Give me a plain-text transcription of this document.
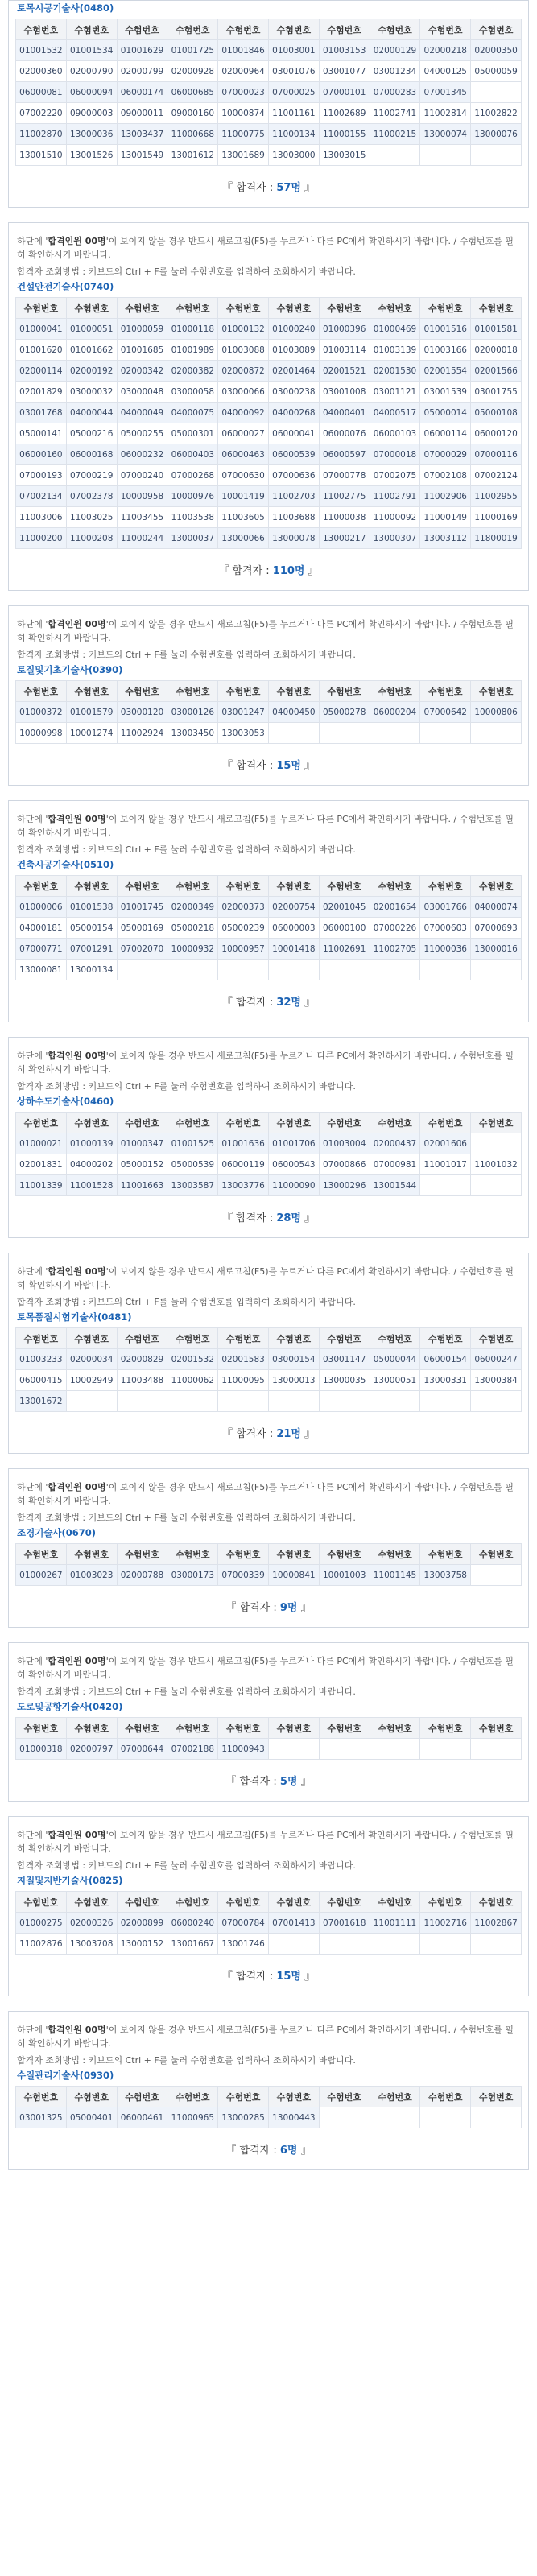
토목시공기술사(0480)
수험번호	수험번호	수험번호	수험번호	수험번호	수험번호	수험번호	수험번호	수험번호	수험번호
01001532	01001534	01001629	01001725	01001846	01003001	01003153	02000129	02000218	02000350
02000360	02000790	02000799	02000928	02000964	03001076	03001077	03001234	04000125	05000059
06000081	06000094	06000174	06000685	07000023	07000025	07000101	07000283	07001345	
07002220	09000003	09000011	09000160	10000874	11001161	11002689	11002741	11002814	11002822
11002870	13000036	13003437	11000668	11000775	11000134	11000155	11000215	13000074	13000076
13001510	13001526	13001549	13001612	13001689	13003000	13003015			
『 합격자 : 57명 』
하단에 '합격인원 00명'이 보이지 않을 경우 반드시 새로고침(F5)를 누르거나 다른 PC에서 확인하시기 바랍니다. / 수험번호를 필히 확인하시기 바랍니다.
합격자 조회방법 : 키보드의 Ctrl + F를 눌러 수험번호를 입력하여 조회하시기 바랍니다.
건설안전기술사(0740)
수험번호	수험번호	수험번호	수험번호	수험번호	수험번호	수험번호	수험번호	수험번호	수험번호
01000041	01000051	01000059	01000118	01000132	01000240	01000396	01000469	01001516	01001581
01001620	01001662	01001685	01001989	01003088	01003089	01003114	01003139	01003166	02000018
02000114	02000192	02000342	02000382	02000872	02001464	02001521	02001530	02001554	02001566
02001829	03000032	03000048	03000058	03000066	03000238	03001008	03001121	03001539	03001755
03001768	04000044	04000049	04000075	04000092	04000268	04000401	04000517	05000014	05000108
05000141	05000216	05000255	05000301	06000027	06000041	06000076	06000103	06000114	06000120
06000160	06000168	06000232	06000403	06000463	06000539	06000597	07000018	07000029	07000116
07000193	07000219	07000240	07000268	07000630	07000636	07000778	07002075	07002108	07002124
07002134	07002378	10000958	10000976	10001419	11002703	11002775	11002791	11002906	11002955
11003006	11003025	11003455	11003538	11003605	11003688	11000038	11000092	11000149	11000169
11000200	11000208	11000244	13000037	13000066	13000078	13000217	13000307	13003112	11800019
『 합격자 : 110명 』
하단에 '합격인원 00명'이 보이지 않을 경우 반드시 새로고침(F5)를 누르거나 다른 PC에서 확인하시기 바랍니다. / 수험번호를 필히 확인하시기 바랍니다.
합격자 조회방법 : 키보드의 Ctrl + F를 눌러 수험번호를 입력하여 조회하시기 바랍니다.
토질및기초기술사(0390)
수험번호	수험번호	수험번호	수험번호	수험번호	수험번호	수험번호	수험번호	수험번호	수험번호
01000372	01001579	03000120	03000126	03001247	04000450	05000278	06000204	07000642	10000806
10000998	10001274	11002924	13003450	13003053					
『 합격자 : 15명 』
하단에 '합격인원 00명'이 보이지 않을 경우 반드시 새로고침(F5)를 누르거나 다른 PC에서 확인하시기 바랍니다. / 수험번호를 필히 확인하시기 바랍니다.
합격자 조회방법 : 키보드의 Ctrl + F를 눌러 수험번호를 입력하여 조회하시기 바랍니다.
건축시공기술사(0510)
수험번호	수험번호	수험번호	수험번호	수험번호	수험번호	수험번호	수험번호	수험번호	수험번호
01000006	01001538	01001745	02000349	02000373	02000754	02001045	02001654	03001766	04000074
04000181	05000154	05000169	05000218	05000239	06000003	06000100	07000226	07000603	07000693
07000771	07001291	07002070	10000932	10000957	10001418	11002691	11002705	11000036	13000016
13000081	13000134								
『 합격자 : 32명 』
하단에 '합격인원 00명'이 보이지 않을 경우 반드시 새로고침(F5)를 누르거나 다른 PC에서 확인하시기 바랍니다. / 수험번호를 필히 확인하시기 바랍니다.
합격자 조회방법 : 키보드의 Ctrl + F를 눌러 수험번호를 입력하여 조회하시기 바랍니다.
상하수도기술사(0460)
수험번호	수험번호	수험번호	수험번호	수험번호	수험번호	수험번호	수험번호	수험번호	수험번호
01000021	01000139	01000347	01001525	01001636	01001706	01003004	02000437	02001606	
02001831	04000202	05000152	05000539	06000119	06000543	07000866	07000981	11001017	11001032
11001339	11001528	11001663	13003587	13003776	11000090	13000296	13001544		
『 합격자 : 28명 』
하단에 '합격인원 00명'이 보이지 않을 경우 반드시 새로고침(F5)를 누르거나 다른 PC에서 확인하시기 바랍니다. / 수험번호를 필히 확인하시기 바랍니다.
합격자 조회방법 : 키보드의 Ctrl + F를 눌러 수험번호를 입력하여 조회하시기 바랍니다.
토목품질시험기술사(0481)
수험번호	수험번호	수험번호	수험번호	수험번호	수험번호	수험번호	수험번호	수험번호	수험번호
01003233	02000034	02000829	02001532	02001583	03000154	03001147	05000044	06000154	06000247
06000415	10002949	11003488	11000062	11000095	13000013	13000035	13000051	13000331	13000384
13001672									
『 합격자 : 21명 』
하단에 '합격인원 00명'이 보이지 않을 경우 반드시 새로고침(F5)를 누르거나 다른 PC에서 확인하시기 바랍니다. / 수험번호를 필히 확인하시기 바랍니다.
합격자 조회방법 : 키보드의 Ctrl + F를 눌러 수험번호를 입력하여 조회하시기 바랍니다.
조경기술사(0670)
수험번호	수험번호	수험번호	수험번호	수험번호	수험번호	수험번호	수험번호	수험번호	수험번호
01000267	01003023	02000788	03000173	07000339	10000841	10001003	11001145	13003758	
『 합격자 : 9명 』
하단에 '합격인원 00명'이 보이지 않을 경우 반드시 새로고침(F5)를 누르거나 다른 PC에서 확인하시기 바랍니다. / 수험번호를 필히 확인하시기 바랍니다.
합격자 조회방법 : 키보드의 Ctrl + F를 눌러 수험번호를 입력하여 조회하시기 바랍니다.
도로및공항기술사(0420)
수험번호	수험번호	수험번호	수험번호	수험번호	수험번호	수험번호	수험번호	수험번호	수험번호
01000318	02000797	07000644	07002188	11000943					
『 합격자 : 5명 』
하단에 '합격인원 00명'이 보이지 않을 경우 반드시 새로고침(F5)를 누르거나 다른 PC에서 확인하시기 바랍니다. / 수험번호를 필히 확인하시기 바랍니다.
합격자 조회방법 : 키보드의 Ctrl + F를 눌러 수험번호를 입력하여 조회하시기 바랍니다.
지질및지반기술사(0825)
수험번호	수험번호	수험번호	수험번호	수험번호	수험번호	수험번호	수험번호	수험번호	수험번호
01000275	02000326	02000899	06000240	07000784	07001413	07001618	11001111	11002716	11002867
11002876	13003708	13000152	13001667	13001746					
『 합격자 : 15명 』
하단에 '합격인원 00명'이 보이지 않을 경우 반드시 새로고침(F5)를 누르거나 다른 PC에서 확인하시기 바랍니다. / 수험번호를 필히 확인하시기 바랍니다.
합격자 조회방법 : 키보드의 Ctrl + F를 눌러 수험번호를 입력하여 조회하시기 바랍니다.
수질관리기술사(0930)
수험번호	수험번호	수험번호	수험번호	수험번호	수험번호	수험번호	수험번호	수험번호	수험번호
03001325	05000401	06000461	11000965	13000285	13000443				
『 합격자 : 6명 』
